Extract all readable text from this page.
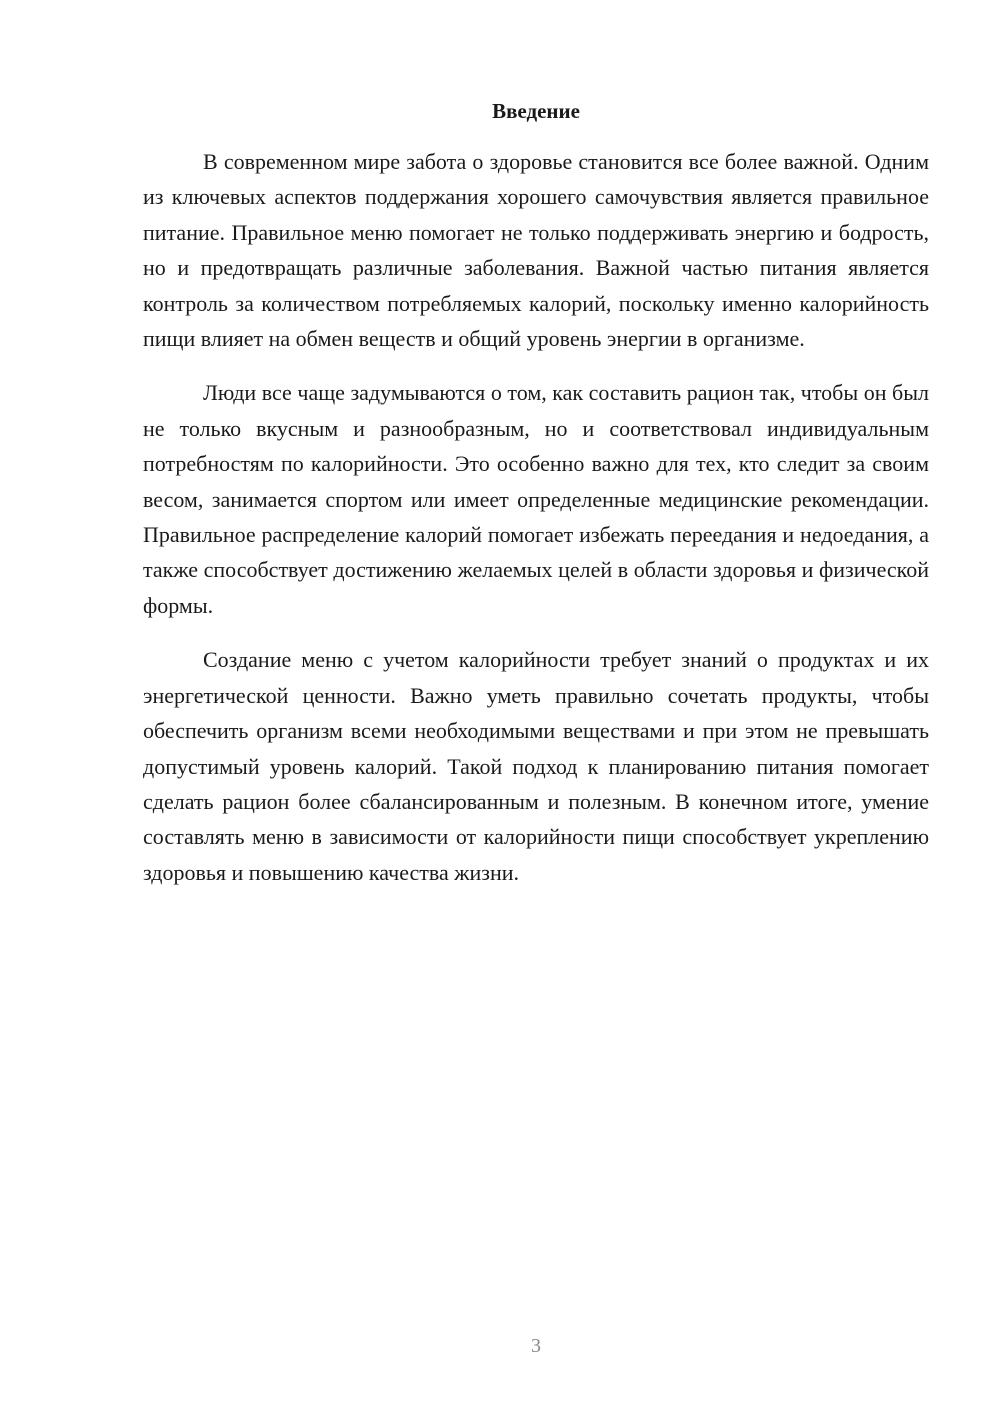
Введение

В современном мире забота о здоровье становится все более важной. Одним из ключевых аспектов поддержания хорошего самочувствия является правильное питание. Правильное меню помогает не только поддерживать энергию и бодрость, но и предотвращать различные заболевания. Важной частью питания является контроль за количеством потребляемых калорий, поскольку именно калорийность пищи влияет на обмен веществ и общий уровень энергии в организме.

Люди все чаще задумываются о том, как составить рацион так, чтобы он был не только вкусным и разнообразным, но и соответствовал индивидуальным потребностям по калорийности. Это особенно важно для тех, кто следит за своим весом, занимается спортом или имеет определенные медицинские рекомендации. Правильное распределение калорий помогает избежать переедания и недоедания, а также способствует достижению желаемых целей в области здоровья и физической формы.

Создание меню с учетом калорийности требует знаний о продуктах и их энергетической ценности. Важно уметь правильно сочетать продукты, чтобы обеспечить организм всеми необходимыми веществами и при этом не превышать допустимый уровень калорий. Такой подход к планированию питания помогает сделать рацион более сбалансированным и полезным. В конечном итоге, умение составлять меню в зависимости от калорийности пищи способствует укреплению здоровья и повышению качества жизни.

3
